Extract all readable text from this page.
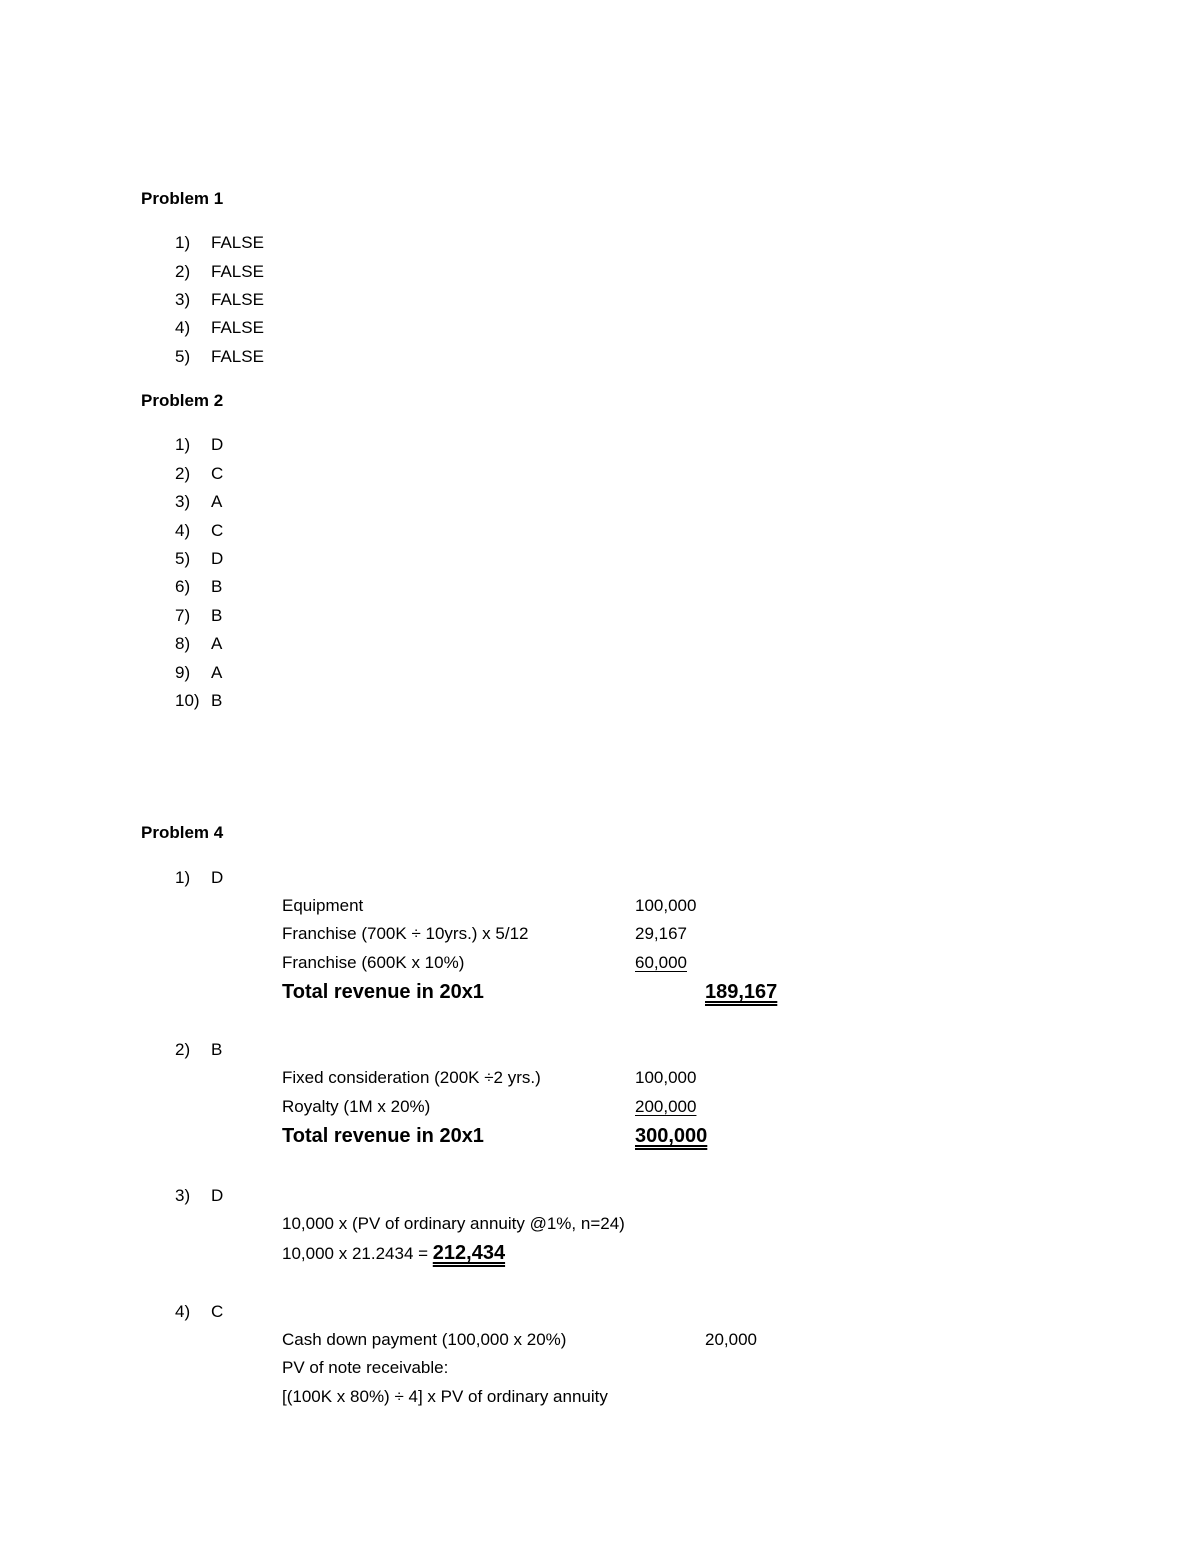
Problem 1
1) FALSE
2) FALSE
3) FALSE
4) FALSE
5) FALSE
Problem 2
1) D
2) C
3) A
4) C
5) D
6) B
7) B
8) A
9) A
10) B
Problem 4
1) D
Equipment	100,000
Franchise (700K ÷ 10yrs.) x 5/12	29,167
Franchise (600K x 10%)	60,000
Total revenue in 20x1	189,167
2) B
Fixed consideration (200K ÷2 yrs.)	100,000
Royalty (1M x 20%)	200,000
Total revenue in 20x1	300,000
3) D
10,000 x (PV of ordinary annuity @1%, n=24)
10,000 x 21.2434 = 212,434
4) C
Cash down payment (100,000 x 20%)	20,000
PV of note receivable:
[(100K x 80%) ÷ 4] x PV of ordinary annuity
